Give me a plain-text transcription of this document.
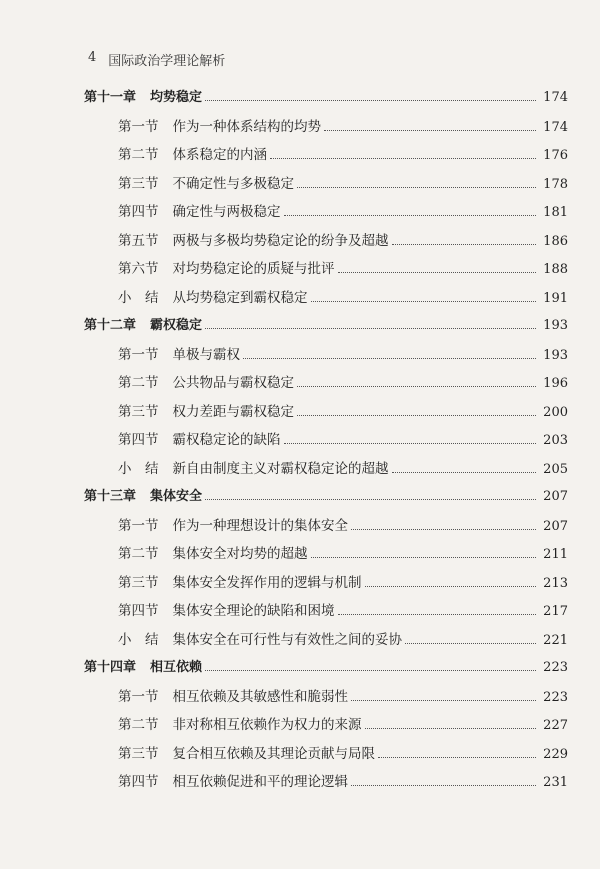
4 国际政治学理论解析
第十一章 均势稳定	174
第一节 作为一种体系结构的均势	174
第二节 体系稳定的内涵	176
第三节 不确定性与多极稳定	178
第四节 确定性与两极稳定	181
第五节 两极与多极均势稳定论的纷争及超越	186
第六节 对均势稳定论的质疑与批评	188
小　结 从均势稳定到霸权稳定	191
第十二章 霸权稳定	193
第一节 单极与霸权	193
第二节 公共物品与霸权稳定	196
第三节 权力差距与霸权稳定	200
第四节 霸权稳定论的缺陷	203
小　结 新自由制度主义对霸权稳定论的超越	205
第十三章 集体安全	207
第一节 作为一种理想设计的集体安全	207
第二节 集体安全对均势的超越	211
第三节 集体安全发挥作用的逻辑与机制	213
第四节 集体安全理论的缺陷和困境	217
小　结 集体安全在可行性与有效性之间的妥协	221
第十四章 相互依赖	223
第一节 相互依赖及其敏感性和脆弱性	223
第二节 非对称相互依赖作为权力的来源	227
第三节 复合相互依赖及其理论贡献与局限	229
第四节 相互依赖促进和平的理论逻辑	231
